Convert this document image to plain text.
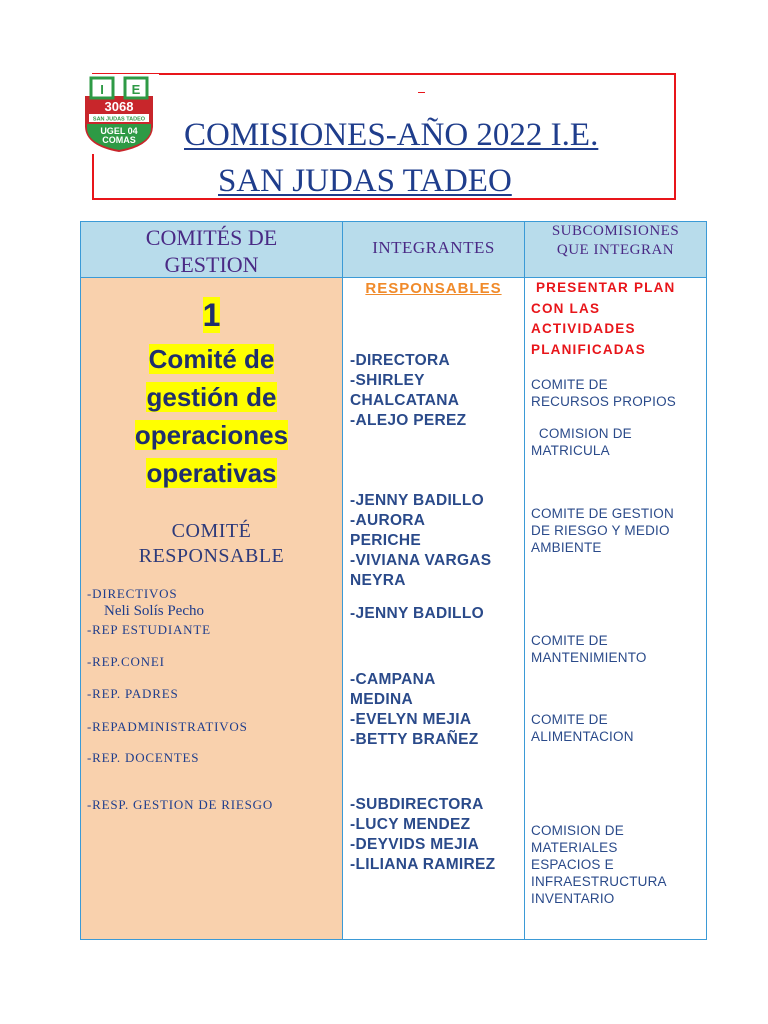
I E
3068
SAN JUDAS TADEO
UGEL 04
COMAS COMISIONES-AÑO 2022 I.E.
SAN JUDAS TADEO
COMITÉS DE
GESTION
INTEGRANTES
SUBCOMISIONES
QUE INTEGRAN
1
Comité de
gestión de
operaciones
operativas
COMITÉ
RESPONSABLE
-DIRECTIVOS
Neli Solís Pecho
-REP ESTUDIANTE
-REP.CONEI
-REP. PADRES
-REPADMINISTRATIVOS
-REP. DOCENTES
-RESP. GESTION DE RIESGO
RESPONSABLES
-DIRECTORA
-SHIRLEY
CHALCATANA
-ALEJO PEREZ
-JENNY BADILLO
-AURORA
PERICHE
-VIVIANA VARGAS
NEYRA
-JENNY BADILLO
-CAMPANA
MEDINA
-EVELYN MEJIA
-BETTY BRAÑEZ
-SUBDIRECTORA
-LUCY MENDEZ
-DEYVIDS MEJIA
-LILIANA RAMIREZ
PRESENTAR PLAN
CON LAS
ACTIVIDADES
PLANIFICADAS
COMITE DE
RECURSOS PROPIOS
COMISION DE
MATRICULA
COMITE DE GESTION
DE RIESGO Y MEDIO
AMBIENTE
COMITE DE
MANTENIMIENTO
COMITE DE
ALIMENTACION
COMISION DE
MATERIALES
ESPACIOS E
INFRAESTRUCTURA
INVENTARIO
